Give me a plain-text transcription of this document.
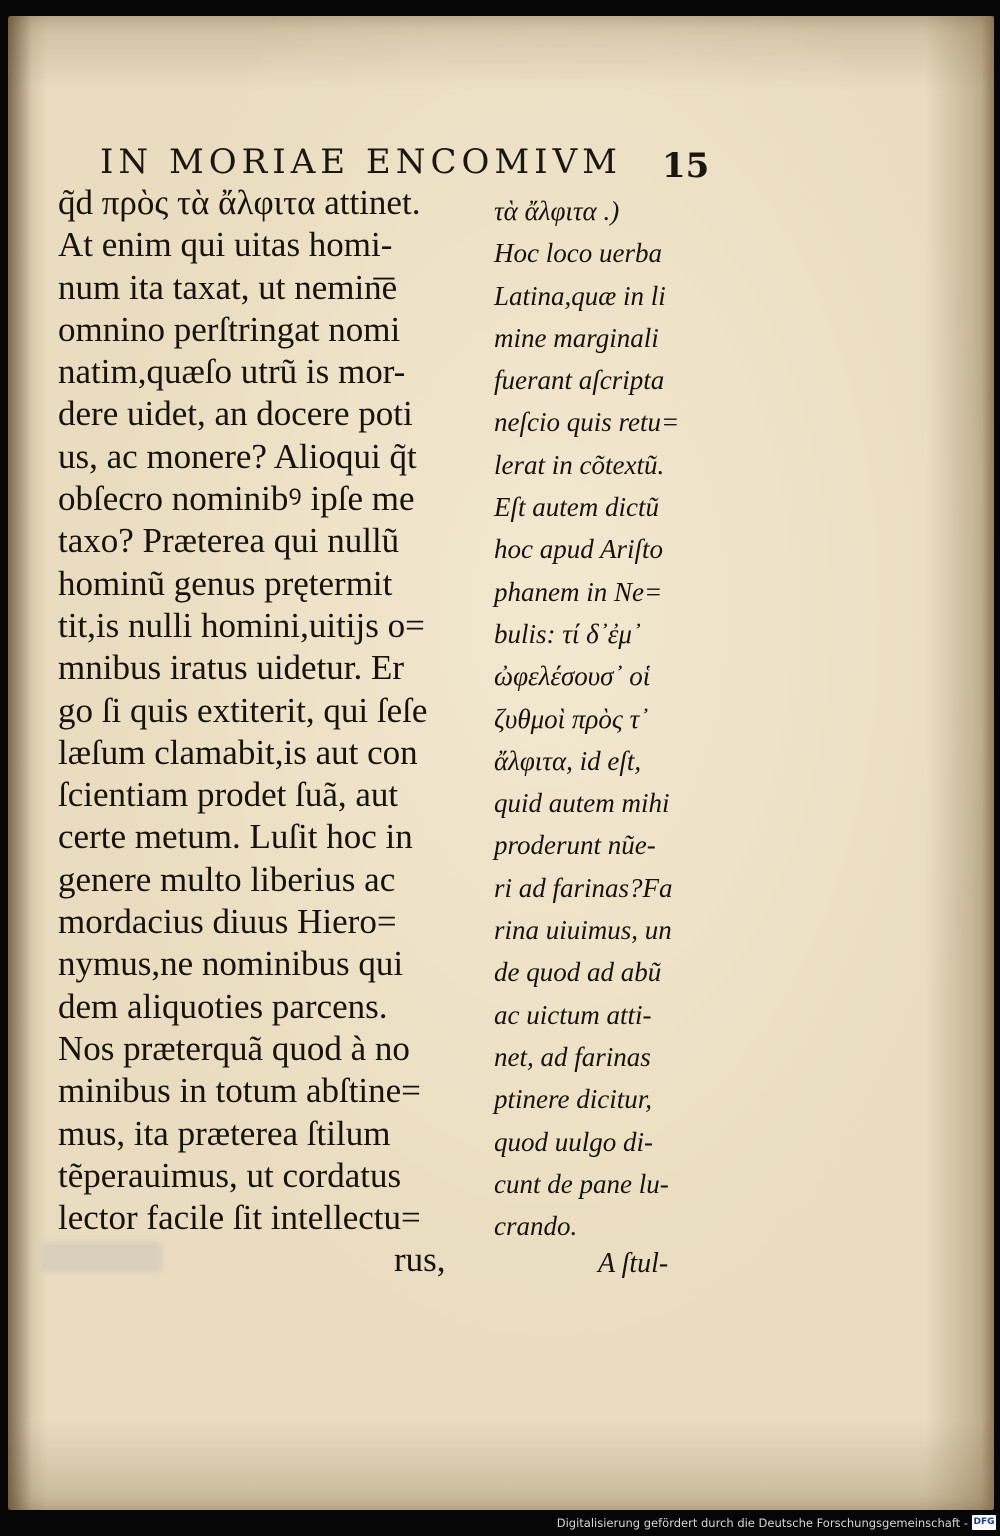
IN MORIAE ENCOMIVM 15
q̃d πρὸς τὰ ἄλφιτα attinet.
At enim qui uitas homi-
num ita taxat, ut nemin͞e
omnino perſtringat nomi
natim,quæſo utrũ is mor-
dere uidet, an docere poti
us, ac monere? Alioqui q̃t
obſecro nominibꝰ ipſe me
taxo? Præterea qui nullũ
hominũ genus prętermit
tit,is nulli homini,uitijs o=
mnibus iratus uidetur. Er
go ſi quis extiterit, qui ſeſe
læſum clamabit,is aut con
ſcientiam prodet ſuã, aut
certe metum. Luſit hoc in
genere multo liberius ac
mordacius diuus Hiero=
nymus,ne nominibus qui
dem aliquoties parcens.
Nos præterquã quod à no
minibus in totum abſtine=
mus, ita præterea ſtilum
tẽperauimus, ut cordatus
lector facile ſit intellectu=
τὰ ἄλφιτα .)
Hoc loco uerba
Latina,quæ in li
mine marginali
fuerant aſcripta
neſcio quis retu=
lerat in cõtextũ.
Eſt autem dictũ
hoc apud Ariſto
phanem in Ne=
bulis: τί δ᾽ἐμ᾽
ὠφελέσουσ᾽ οἱ
ζυθμοὶ πρὸς τ᾽
ἄλφιτα, id eſt,
quid autem mihi
proderunt nũe-
ri ad farinas?Fa
rina uiuimus, un
de quod ad abũ
ac uictum atti-
net, ad farinas
ptinere dicitur,
quod uulgo di-
cunt de pane lu-
crando.
rus,	A ſtul-
Digitalisierung gefördert durch die Deutsche Forschungsgemeinschaft - DFG
